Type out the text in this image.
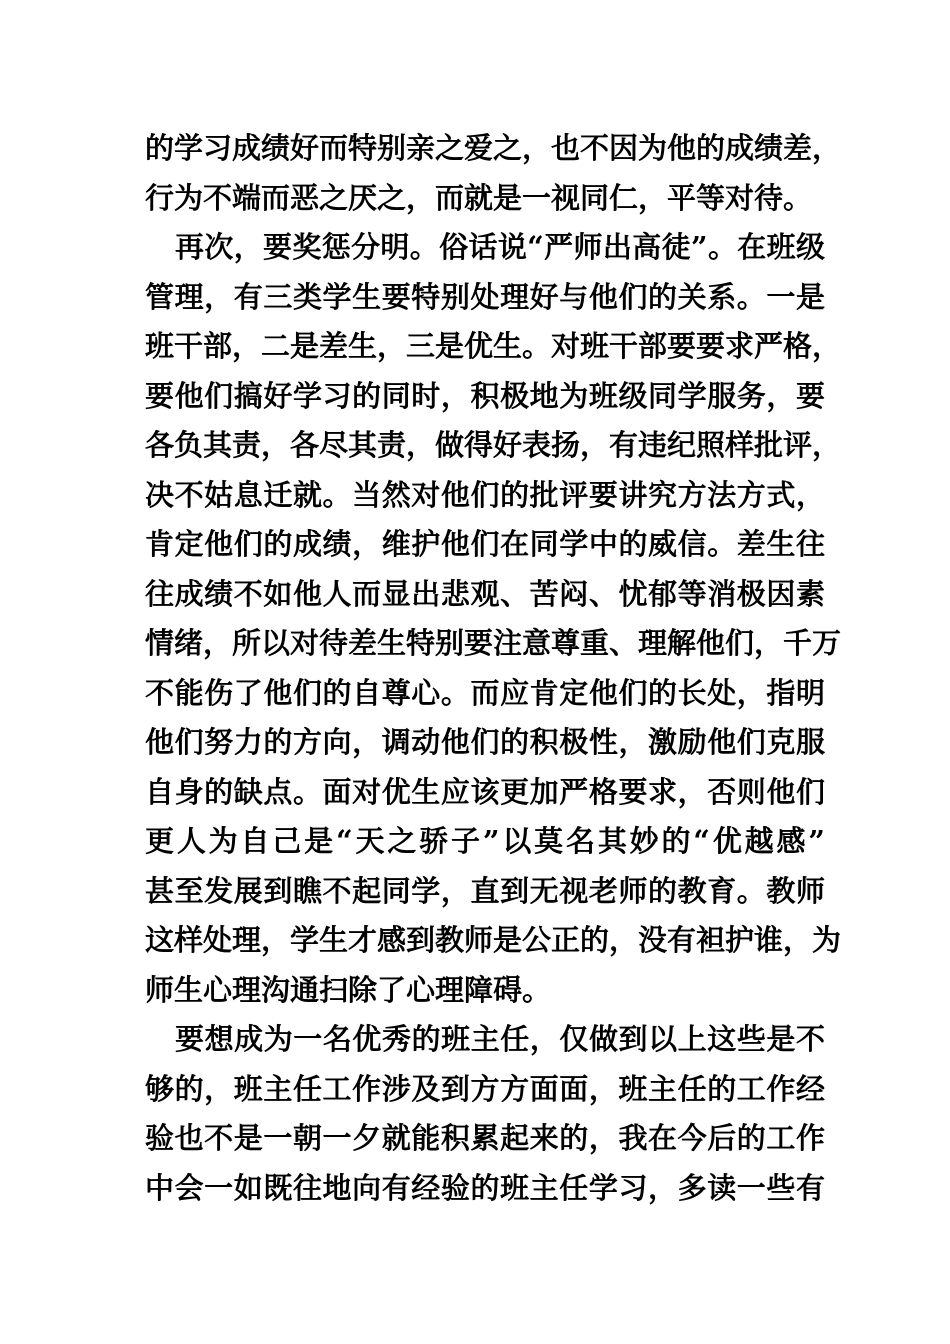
的学习成绩好而特别亲之爱之，也不因为他的成绩差，
行为不端而恶之厌之，而就是一视同仁，平等对待。
再次，要奖惩分明。俗话说“严师出高徒”。在班级
管理，有三类学生要特别处理好与他们的关系。一是
班干部，二是差生，三是优生。对班干部要要求严格，
要他们搞好学习的同时，积极地为班级同学服务，要
各负其责，各尽其责，做得好表扬，有违纪照样批评，
决不姑息迁就。当然对他们的批评要讲究方法方式，
肯定他们的成绩，维护他们在同学中的威信。差生往
往成绩不如他人而显出悲观、苦闷、忧郁等消极因素
情绪，所以对待差生特别要注意尊重、理解他们，千万
不能伤了他们的自尊心。而应肯定他们的长处，指明
他们努力的方向，调动他们的积极性，激励他们克服
自身的缺点。面对优生应该更加严格要求，否则他们
更人为自己是“天之骄子”以莫名其妙的“优越感”
甚至发展到瞧不起同学，直到无视老师的教育。教师
这样处理，学生才感到教师是公正的，没有袒护谁，为
师生心理沟通扫除了心理障碍。
要想成为一名优秀的班主任，仅做到以上这些是不
够的，班主任工作涉及到方方面面，班主任的工作经
验也不是一朝一夕就能积累起来的，我在今后的工作
中会一如既往地向有经验的班主任学习，多读一些有
